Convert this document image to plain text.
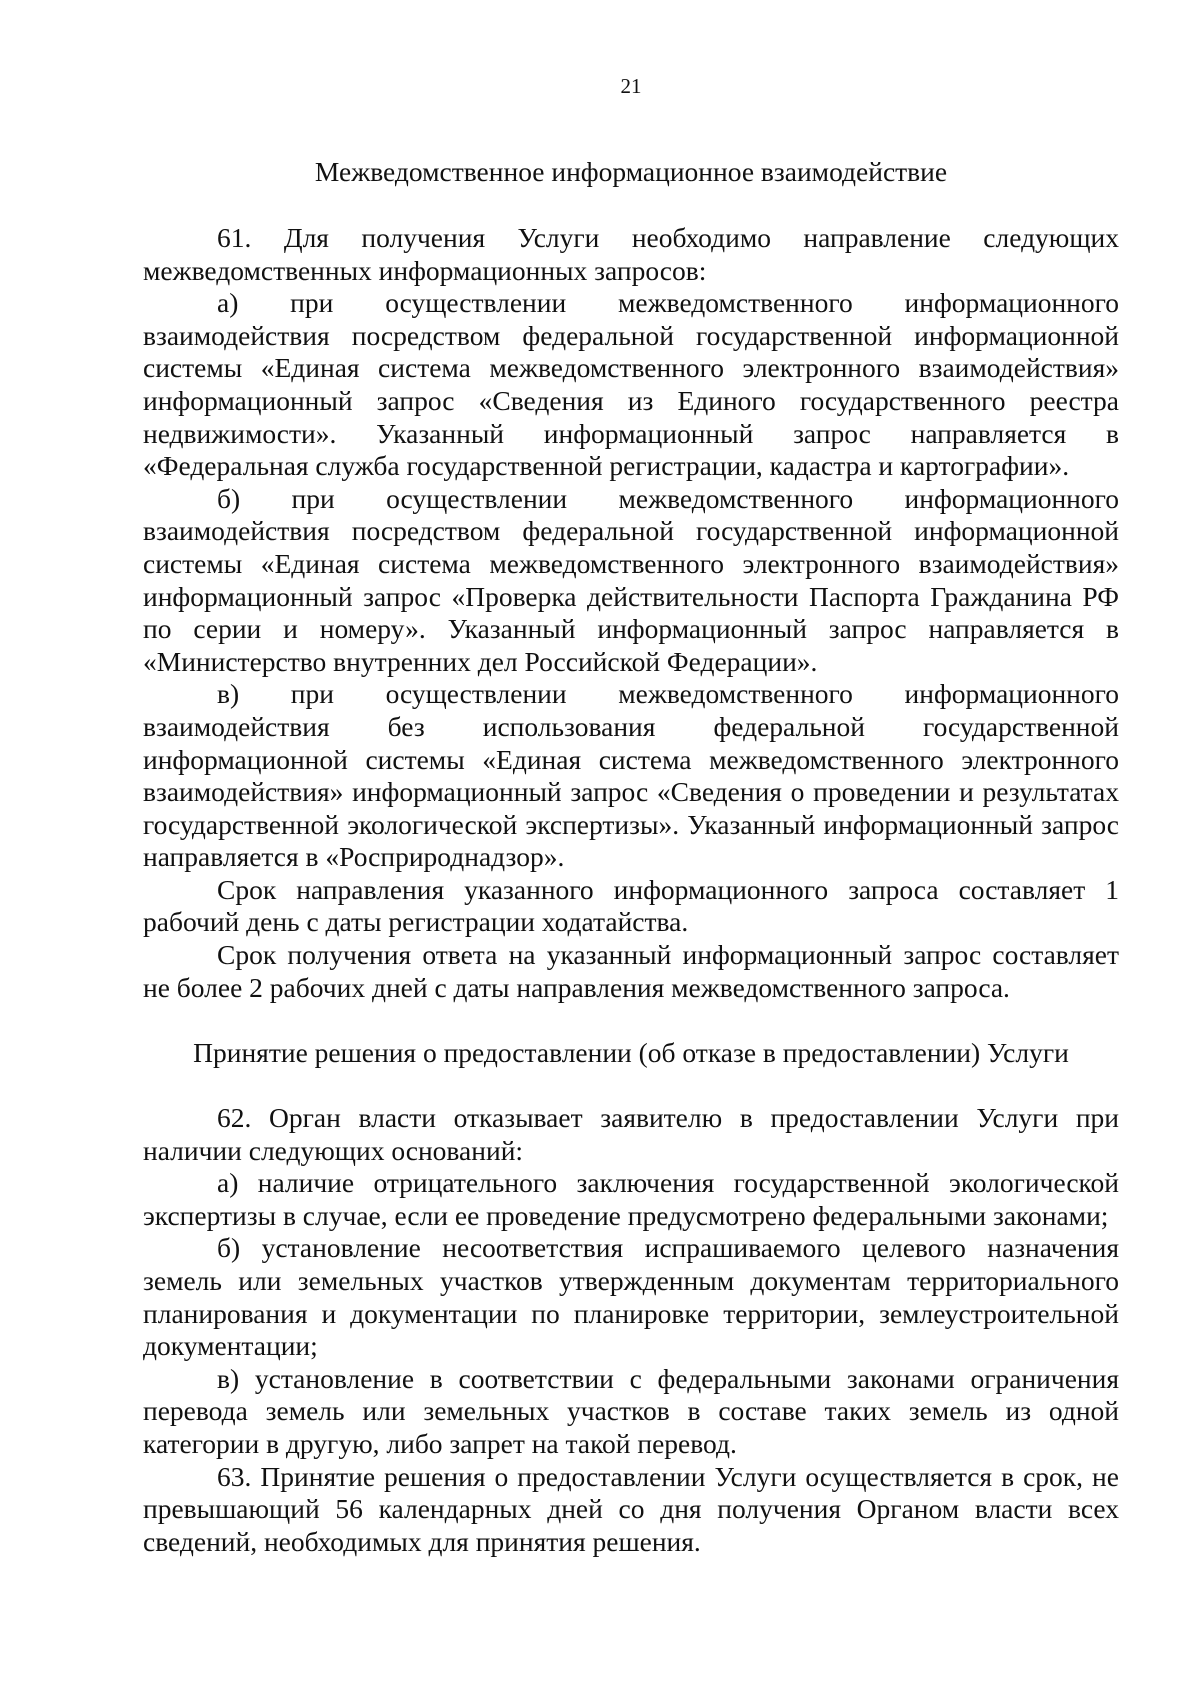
21
Межведомственное информационное взаимодействие

61. Для получения Услуги необходимо направление следующих межведомственных информационных запросов:

а) при осуществлении межведомственного информационного взаимодействия посредством федеральной государственной информационной системы «Единая система межведомственного электронного взаимодействия» информационный запрос «Сведения из Единого государственного реестра недвижимости». Указанный информационный запрос направляется в «Федеральная служба государственной регистрации, кадастра и картографии».

б) при осуществлении межведомственного информационного взаимодействия посредством федеральной государственной информационной системы «Единая система межведомственного электронного взаимодействия» информационный запрос «Проверка действительности Паспорта Гражданина РФ по серии и номеру». Указанный информационный запрос направляется в «Министерство внутренних дел Российской Федерации».

в) при осуществлении межведомственного информационного взаимодействия без использования федеральной государственной информационной системы «Единая система межведомственного электронного взаимодействия» информационный запрос «Сведения о проведении и результатах государственной экологической экспертизы». Указанный информационный запрос направляется в «Росприроднадзор».

Срок направления указанного информационного запроса составляет 1 рабочий день с даты регистрации ходатайства.

Срок получения ответа на указанный информационный запрос составляет не более 2 рабочих дней с даты направления межведомственного запроса.

Принятие решения о предоставлении (об отказе в предоставлении) Услуги

62. Орган власти отказывает заявителю в предоставлении Услуги при наличии следующих оснований:

а) наличие отрицательного заключения государственной экологической экспертизы в случае, если ее проведение предусмотрено федеральными законами;

б) установление несоответствия испрашиваемого целевого назначения земель или земельных участков утвержденным документам территориального планирования и документации по планировке территории, землеустроительной документации;

в) установление в соответствии с федеральными законами ограничения перевода земель или земельных участков в составе таких земель из одной категории в другую, либо запрет на такой перевод.

63. Принятие решения о предоставлении Услуги осуществляется в срок, не превышающий 56 календарных дней со дня получения Органом власти всех сведений, необходимых для принятия решения.
